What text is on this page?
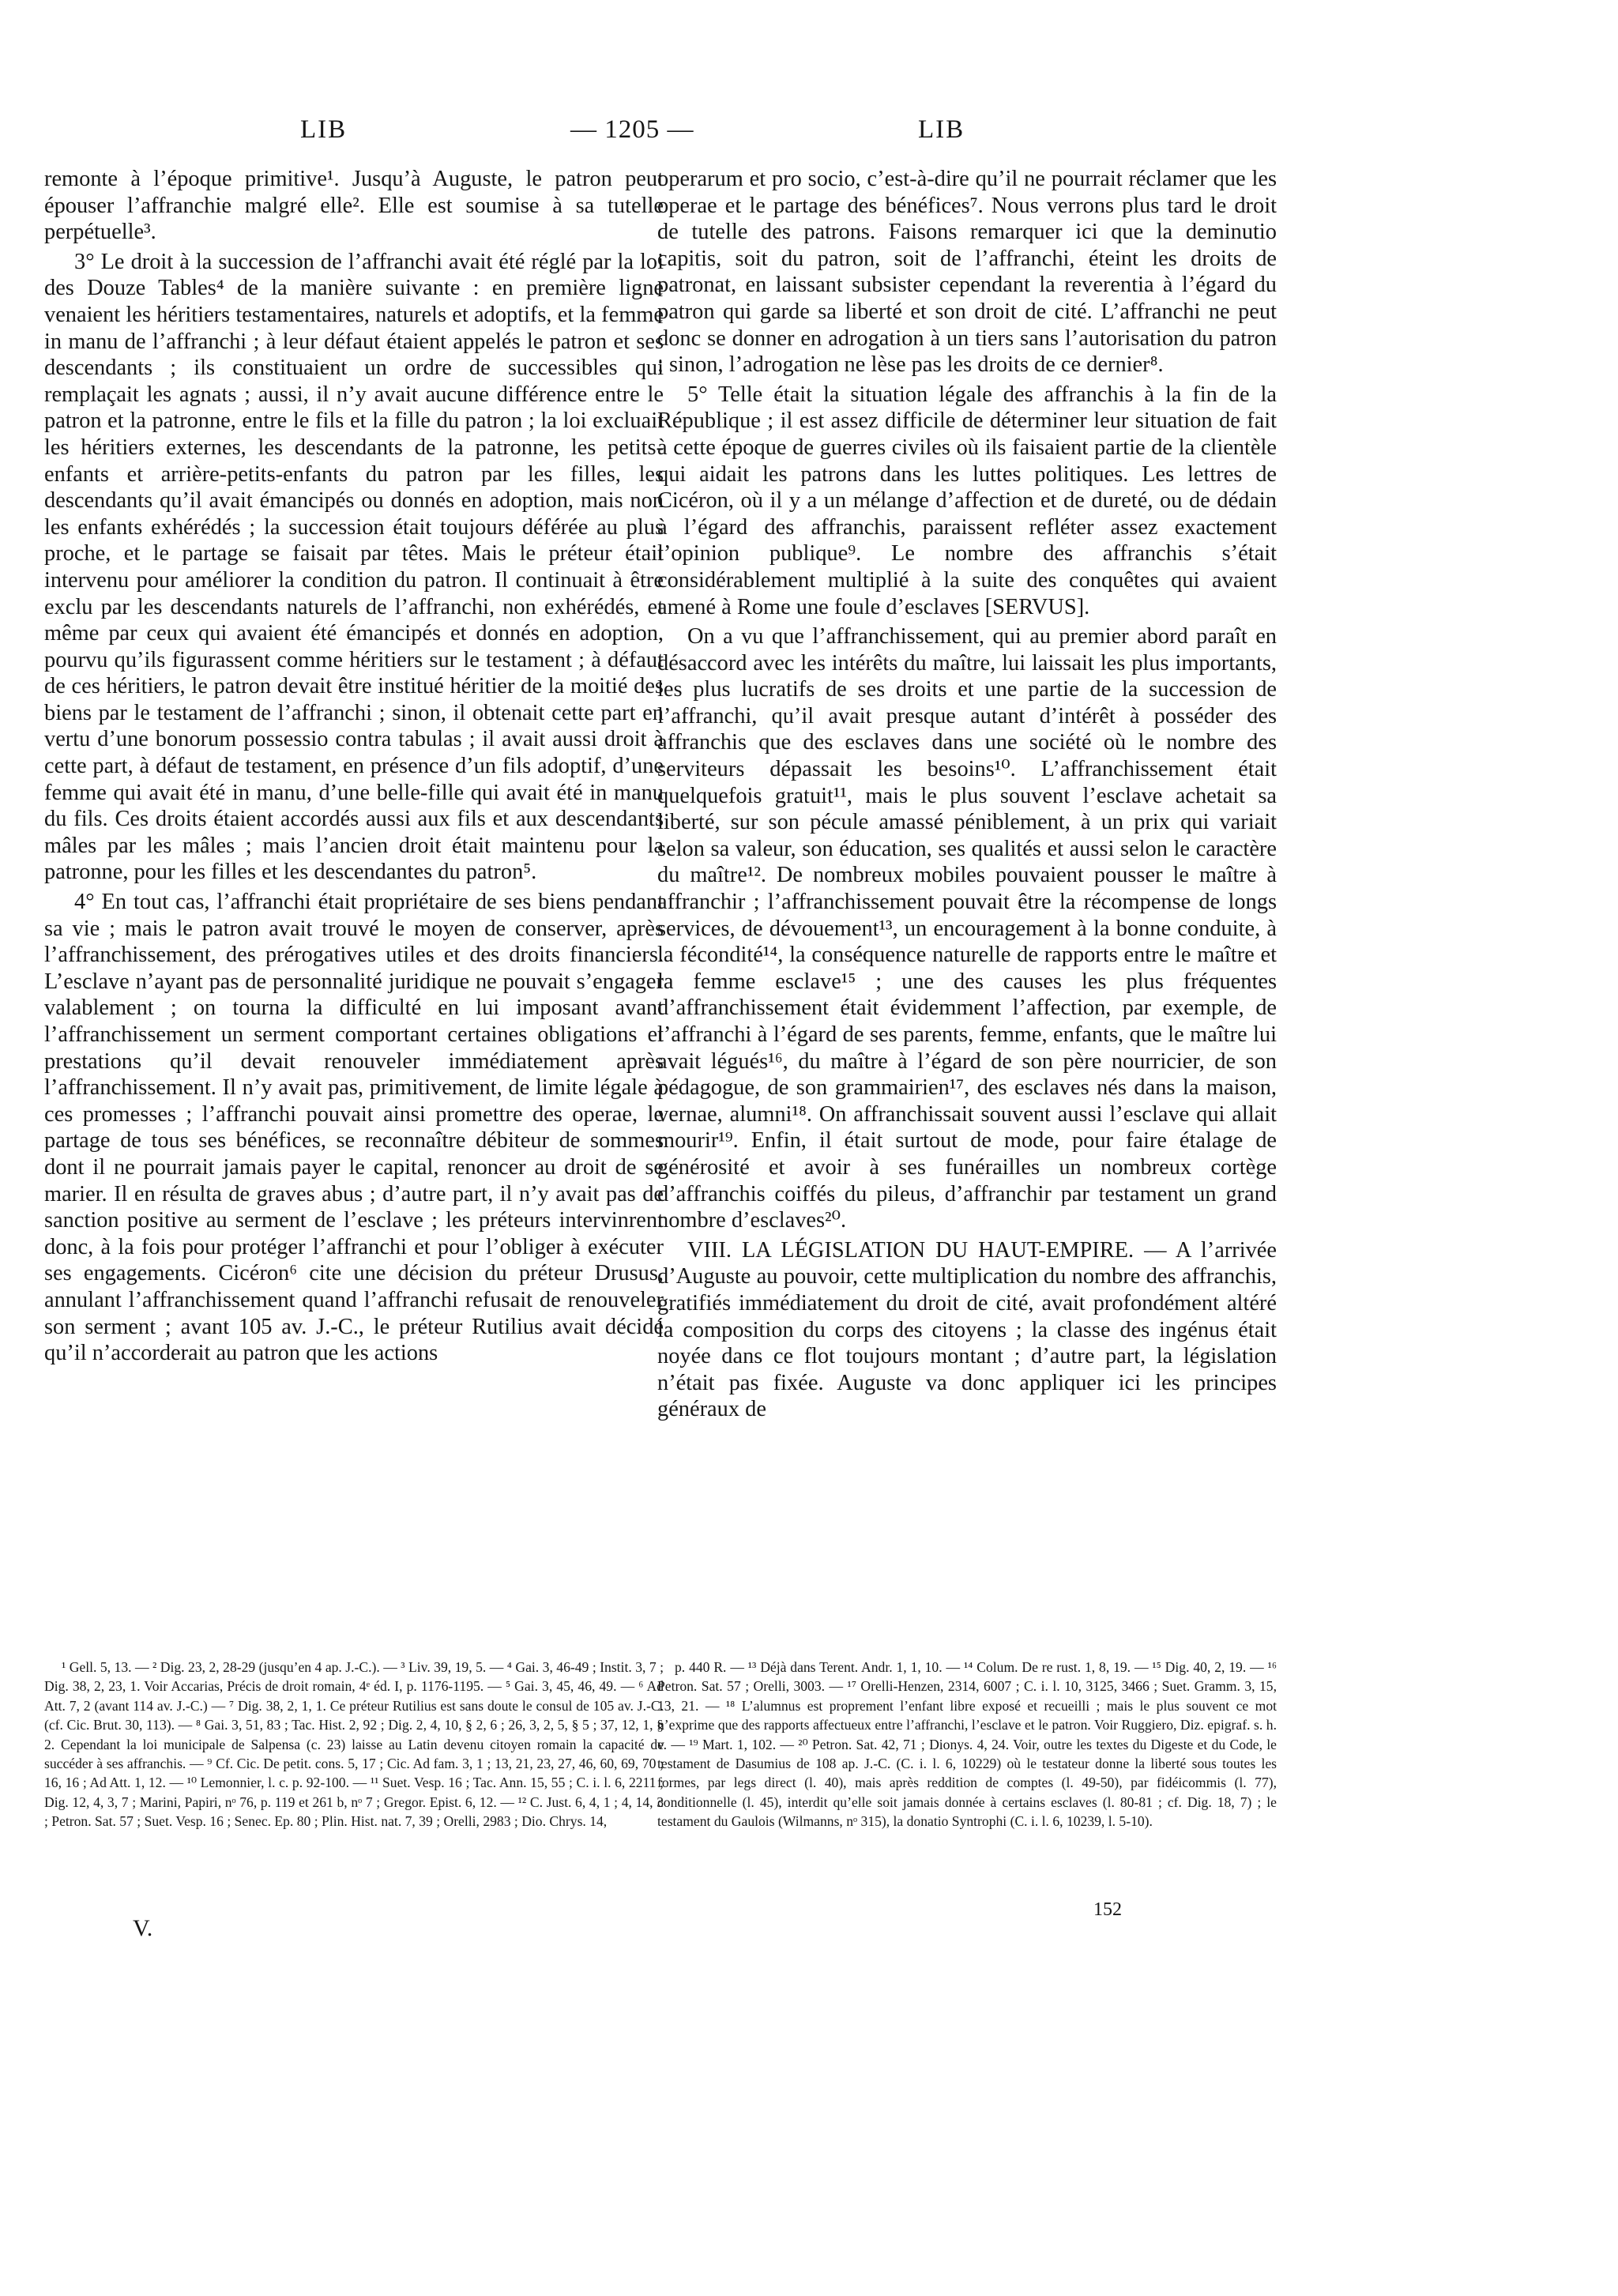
LIB	— 1205 —	LIB

remonte à l’époque primitive¹. Jusqu’à Auguste, le patron peut épouser l’affranchie malgré elle². Elle est soumise à sa tutelle perpétuelle³.

3° Le droit à la succession de l’affranchi avait été réglé par la loi des Douze Tables⁴ de la manière suivante : en première ligne venaient les héritiers testamentaires, naturels et adoptifs, et la femme in manu de l’affranchi ; à leur défaut étaient appelés le patron et ses descendants ; ils constituaient un ordre de successibles qui remplaçait les agnats ; aussi, il n’y avait aucune différence entre le patron et la patronne, entre le fils et la fille du patron ; la loi excluait les héritiers externes, les descendants de la patronne, les petits-enfants et arrière-petits-enfants du patron par les filles, les descendants qu’il avait émancipés ou donnés en adoption, mais non les enfants exhérédés ; la succession était toujours déférée au plus proche, et le partage se faisait par têtes. Mais le préteur était intervenu pour améliorer la condition du patron. Il continuait à être exclu par les descendants naturels de l’affranchi, non exhérédés, et même par ceux qui avaient été émancipés et donnés en adoption, pourvu qu’ils figurassent comme héritiers sur le testament ; à défaut de ces héritiers, le patron devait être institué héritier de la moitié des biens par le testament de l’affranchi ; sinon, il obtenait cette part en vertu d’une bonorum possessio contra tabulas ; il avait aussi droit à cette part, à défaut de testament, en présence d’un fils adoptif, d’une femme qui avait été in manu, d’une belle-fille qui avait été in manu du fils. Ces droits étaient accordés aussi aux fils et aux descendants mâles par les mâles ; mais l’ancien droit était maintenu pour la patronne, pour les filles et les descendantes du patron⁵.

4° En tout cas, l’affranchi était propriétaire de ses biens pendant sa vie ; mais le patron avait trouvé le moyen de conserver, après l’affranchissement, des prérogatives utiles et des droits financiers. L’esclave n’ayant pas de personnalité juridique ne pouvait s’engager valablement ; on tourna la difficulté en lui imposant avant l’affranchissement un serment comportant certaines obligations et prestations qu’il devait renouveler immédiatement après l’affranchissement. Il n’y avait pas, primitivement, de limite légale à ces promesses ; l’affranchi pouvait ainsi promettre des operae, le partage de tous ses bénéfices, se reconnaître débiteur de sommes dont il ne pourrait jamais payer le capital, renoncer au droit de se marier. Il en résulta de graves abus ; d’autre part, il n’y avait pas de sanction positive au serment de l’esclave ; les préteurs intervinrent donc, à la fois pour protéger l’affranchi et pour l’obliger à exécuter ses engagements. Cicéron⁶ cite une décision du préteur Drusus, annulant l’affranchissement quand l’affranchi refusait de renouveler son serment ; avant 105 av. J.-C., le préteur Rutilius avait décidé qu’il n’accorderait au patron que les actions

operarum et pro socio, c’est-à-dire qu’il ne pourrait réclamer que les operae et le partage des bénéfices⁷. Nous verrons plus tard le droit de tutelle des patrons. Faisons remarquer ici que la deminutio capitis, soit du patron, soit de l’affranchi, éteint les droits de patronat, en laissant subsister cependant la reverentia à l’égard du patron qui garde sa liberté et son droit de cité. L’affranchi ne peut donc se donner en adrogation à un tiers sans l’autorisation du patron ; sinon, l’adrogation ne lèse pas les droits de ce dernier⁸.

5° Telle était la situation légale des affranchis à la fin de la République ; il est assez difficile de déterminer leur situation de fait à cette époque de guerres civiles où ils faisaient partie de la clientèle qui aidait les patrons dans les luttes politiques. Les lettres de Cicéron, où il y a un mélange d’affection et de dureté, ou de dédain à l’égard des affranchis, paraissent refléter assez exactement l’opinion publique⁹. Le nombre des affranchis s’était considérablement multiplié à la suite des conquêtes qui avaient amené à Rome une foule d’esclaves [SERVUS].

On a vu que l’affranchissement, qui au premier abord paraît en désaccord avec les intérêts du maître, lui laissait les plus importants, les plus lucratifs de ses droits et une partie de la succession de l’affranchi, qu’il avait presque autant d’intérêt à posséder des affranchis que des esclaves dans une société où le nombre des serviteurs dépassait les besoins¹⁰. L’affranchissement était quelquefois gratuit¹¹, mais le plus souvent l’esclave achetait sa liberté, sur son pécule amassé péniblement, à un prix qui variait selon sa valeur, son éducation, ses qualités et aussi selon le caractère du maître¹². De nombreux mobiles pouvaient pousser le maître à affranchir ; l’affranchissement pouvait être la récompense de longs services, de dévouement¹³, un encouragement à la bonne conduite, à la fécondité¹⁴, la conséquence naturelle de rapports entre le maître et la femme esclave¹⁵ ; une des causes les plus fréquentes d’affranchissement était évidemment l’affection, par exemple, de l’affranchi à l’égard de ses parents, femme, enfants, que le maître lui avait légués¹⁶, du maître à l’égard de son père nourricier, de son pédagogue, de son grammairien¹⁷, des esclaves nés dans la maison, vernae, alumni¹⁸. On affranchissait souvent aussi l’esclave qui allait mourir¹⁹. Enfin, il était surtout de mode, pour faire étalage de générosité et avoir à ses funérailles un nombreux cortège d’affranchis coiffés du pileus, d’affranchir par testament un grand nombre d’esclaves²⁰.

VIII. LA LÉGISLATION DU HAUT-EMPIRE. — A l’arrivée d’Auguste au pouvoir, cette multiplication du nombre des affranchis, gratifiés immédiatement du droit de cité, avait profondément altéré la composition du corps des citoyens ; la classe des ingénus était noyée dans ce flot toujours montant ; d’autre part, la législation n’était pas fixée. Auguste va donc appliquer ici les principes généraux de

¹ Gell. 5, 13. — ² Dig. 23, 2, 28-29 (jusqu’en 4 ap. J.-C.). — ³ Liv. 39, 19, 5. — ⁴ Gai. 3, 46-49 ; Instit. 3, 7 ; Dig. 38, 2, 23, 1. Voir Accarias, Précis de droit romain, 4ᵉ éd. I, p. 1176-1195. — ⁵ Gai. 3, 45, 46, 49. — ⁶ Ad Att. 7, 2 (avant 114 av. J.-C.) — ⁷ Dig. 38, 2, 1, 1. Ce préteur Rutilius est sans doute le consul de 105 av. J.-C. (cf. Cic. Brut. 30, 113). — ⁸ Gai. 3, 51, 83 ; Tac. Hist. 2, 92 ; Dig. 2, 4, 10, § 2, 6 ; 26, 3, 2, 5, § 5 ; 37, 12, 1, § 2. Cependant la loi municipale de Salpensa (c. 23) laisse au Latin devenu citoyen romain la capacité de succéder à ses affranchis. — ⁹ Cf. Cic. De petit. cons. 5, 17 ; Cic. Ad fam. 3, 1 ; 13, 21, 23, 27, 46, 60, 69, 70 ; 16, 16 ; Ad Att. 1, 12. — ¹⁰ Lemonnier, l. c. p. 92-100. — ¹¹ Suet. Vesp. 16 ; Tac. Ann. 15, 55 ; C. i. l. 6, 2211 ; Dig. 12, 4, 3, 7 ; Marini, Papiri, nᵒ 76, p. 119 et 261 b, nᵒ 7 ; Gregor. Epist. 6, 12. — ¹² C. Just. 6, 4, 1 ; 4, 14, 3 ; Petron. Sat. 57 ; Suet. Vesp. 16 ; Senec. Ep. 80 ; Plin. Hist. nat. 7, 39 ; Orelli, 2983 ; Dio. Chrys. 14,

p. 440 R. — ¹³ Déjà dans Terent. Andr. 1, 1, 10. — ¹⁴ Colum. De re rust. 1, 8, 19. — ¹⁵ Dig. 40, 2, 19. — ¹⁶ Petron. Sat. 57 ; Orelli, 3003. — ¹⁷ Orelli-Henzen, 2314, 6007 ; C. i. l. 10, 3125, 3466 ; Suet. Gramm. 3, 15, 13, 21. — ¹⁸ L’alumnus est proprement l’enfant libre exposé et recueilli ; mais le plus souvent ce mot n’exprime que des rapports affectueux entre l’affranchi, l’esclave et le patron. Voir Ruggiero, Diz. epigraf. s. h. v. — ¹⁹ Mart. 1, 102. — ²⁰ Petron. Sat. 42, 71 ; Dionys. 4, 24. Voir, outre les textes du Digeste et du Code, le testament de Dasumius de 108 ap. J.-C. (C. i. l. 6, 10229) où le testateur donne la liberté sous toutes les formes, par legs direct (l. 40), mais après reddition de comptes (l. 49-50), par fidéicommis (l. 77), conditionnelle (l. 45), interdit qu’elle soit jamais donnée à certains esclaves (l. 80-81 ; cf. Dig. 18, 7) ; le testament du Gaulois (Wilmanns, nᵒ 315), la donatio Syntrophi (C. i. l. 6, 10239, l. 5-10).

V.
152
